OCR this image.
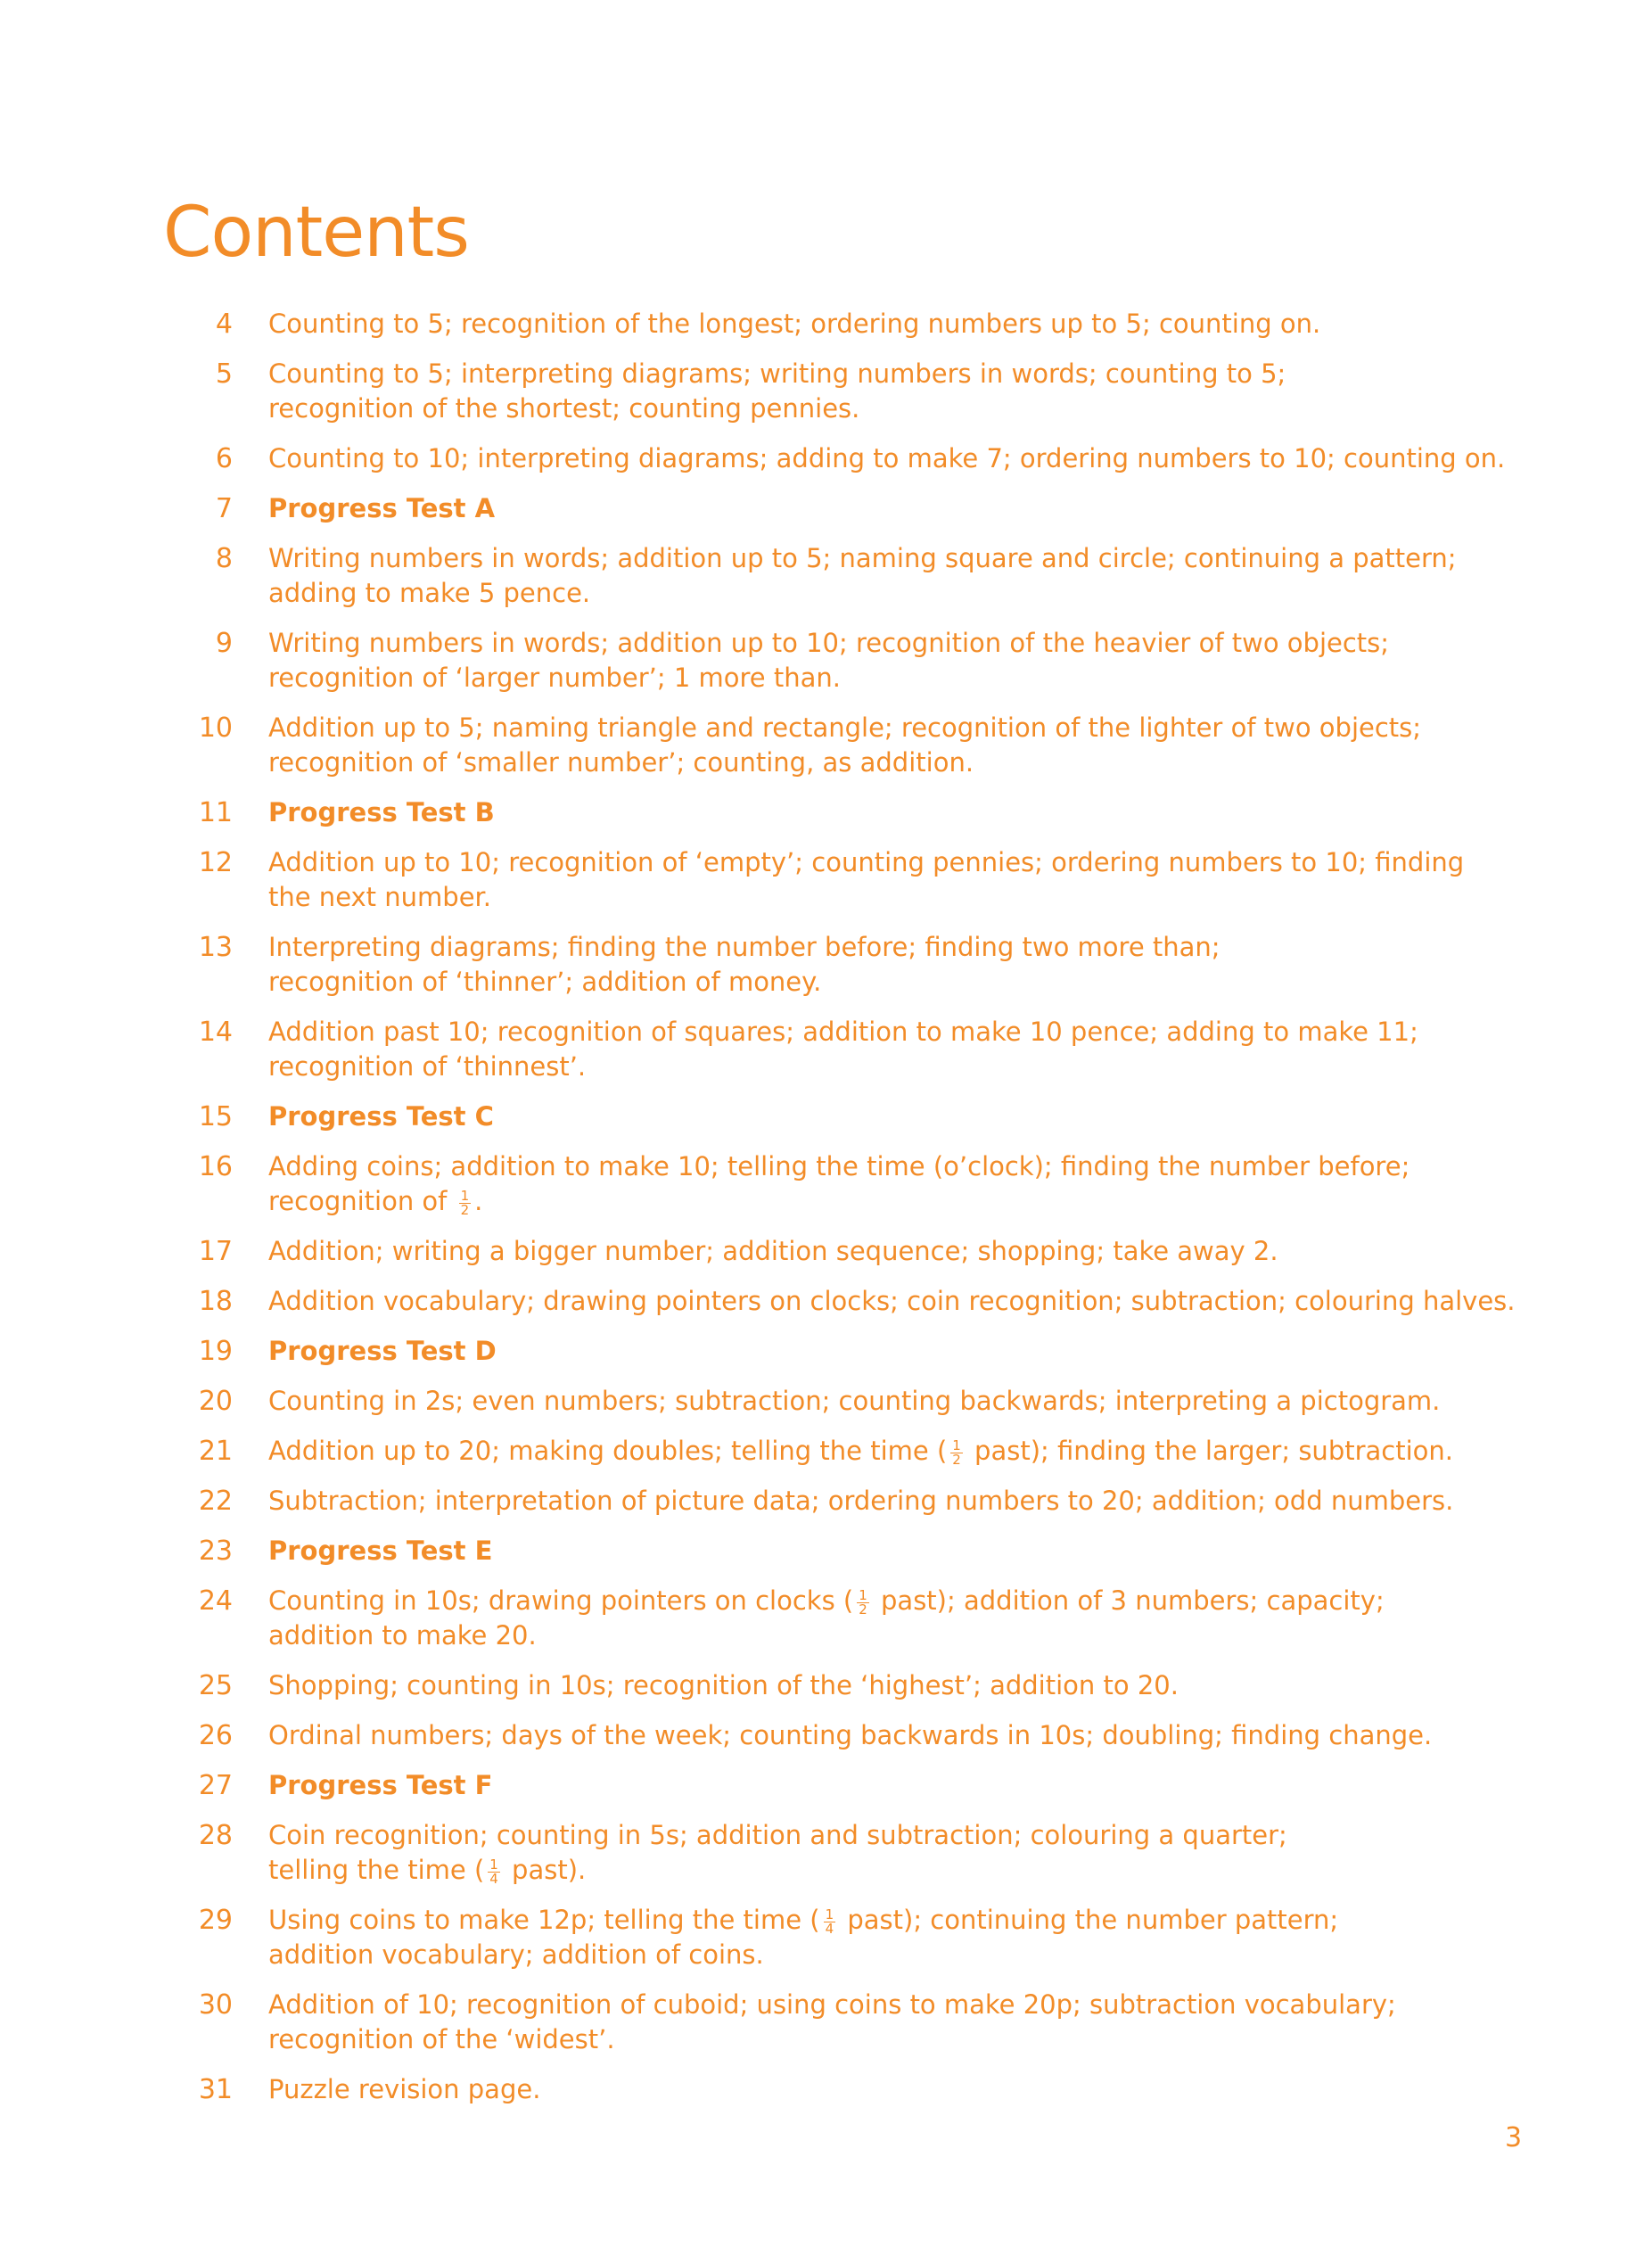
Contents
4	Counting to 5; recognition of the longest; ordering numbers up to 5; counting on.
5	Counting to 5; interpreting diagrams; writing numbers in words; counting to 5;
recognition of the shortest; counting pennies.
6	Counting to 10; interpreting diagrams; adding to make 7; ordering numbers to 10; counting on.
7	Progress Test A
8	Writing numbers in words; addition up to 5; naming square and circle; continuing a pattern;
adding to make 5 pence.
9	Writing numbers in words; addition up to 10; recognition of the heavier of two objects;
recognition of ‘larger number’; 1 more than.
10	Addition up to 5; naming triangle and rectangle; recognition of the lighter of two objects;
recognition of ‘smaller number’; counting, as addition.
11	Progress Test B
12	Addition up to 10; recognition of ‘empty’; counting pennies; ordering numbers to 10; finding
the next number.
13	Interpreting diagrams; finding the number before; finding two more than;
recognition of ‘thinner’; addition of money.
14	Addition past 10; recognition of squares; addition to make 10 pence; adding to make 11;
recognition of ‘thinnest’.
15	Progress Test C
16	Adding coins; addition to make 10; telling the time (o’clock); finding the number before;
recognition of $\frac{1}{2}$ .
17	Addition; writing a bigger number; addition sequence; shopping; take away 2.
18	Addition vocabulary; drawing pointers on clocks; coin recognition; subtraction; colouring halves.
19	Progress Test D
20	Counting in 2s; even numbers; subtraction; counting backwards; interpreting a pictogram.
21	Addition up to 20; making doubles; telling the time ( $\frac{1}{2}$ past); finding the larger; subtraction.
22	Subtraction; interpretation of picture data; ordering numbers to 20; addition; odd numbers.
23	Progress Test E
24	Counting in 10s; drawing pointers on clocks ( $\frac{1}{2}$ past); addition of 3 numbers; capacity;
addition to make 20.
25	Shopping; counting in 10s; recognition of the ‘highest’; addition to 20.
26	Ordinal numbers; days of the week; counting backwards in 10s; doubling; finding change.
27	Progress Test F
28	Coin recognition; counting in 5s; addition and subtraction; colouring a quarter;
telling the time ( $\frac{1}{4}$ past).
29	Using coins to make 12p; telling the time ( $\frac{1}{4}$ past); continuing the number pattern;
addition vocabulary; addition of coins.
30	Addition of 10; recognition of cuboid; using coins to make 20p; subtraction vocabulary;
recognition of the ‘widest’.
31	Puzzle revision page.
3
